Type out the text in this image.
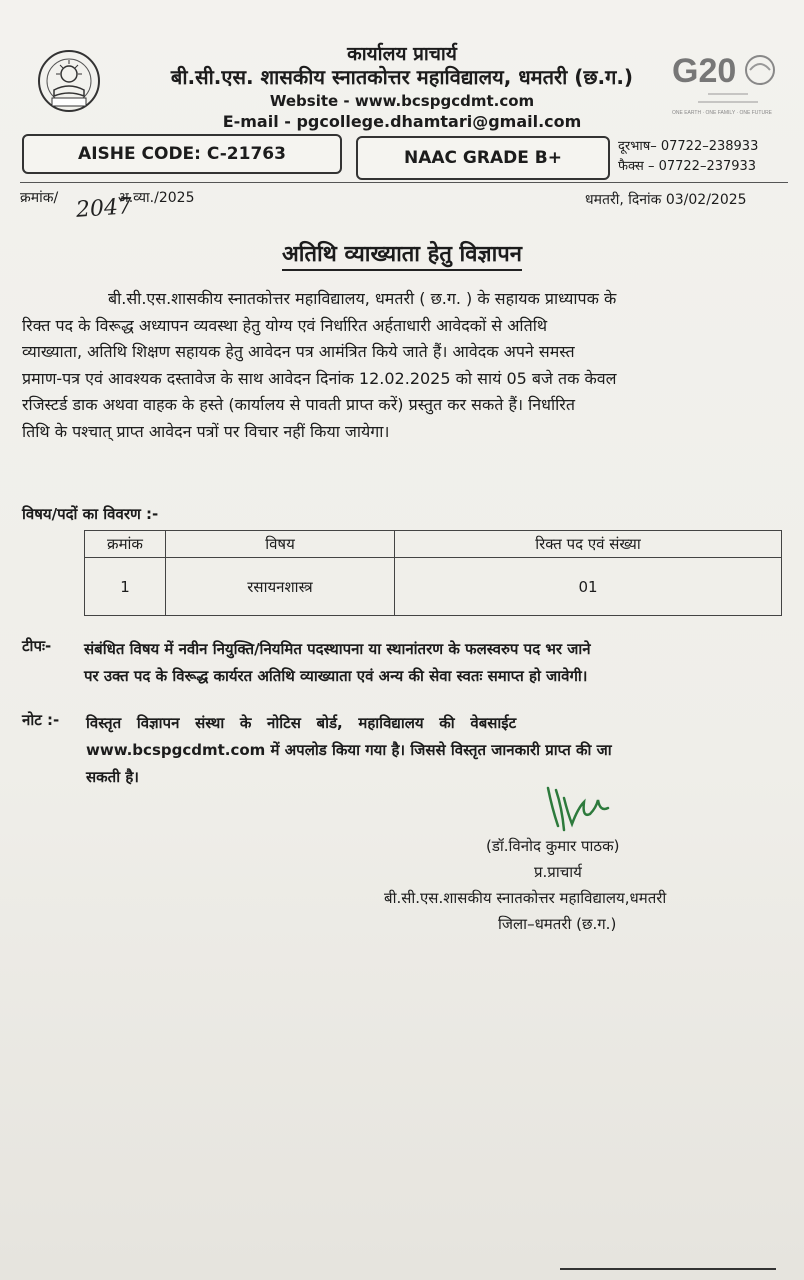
G20
ONE EARTH · ONE FAMILY · ONE FUTURE
कार्यालय प्राचार्य
बी.सी.एस. शासकीय स्नातकोत्तर महाविद्यालय, धमतरी (छ.ग.)
Website - www.bcspgcdmt.com
E-mail - pgcollege.dhamtari@gmail.com
AISHE CODE: C-21763	NAAC GRADE B+
दूरभाष– 07722–238933
फैक्स – 07722–237933
क्रमांक/ 2047
अ.व्या./2025	धमतरी, दिनांक 03/02/2025
अतिथि व्याख्याता हेतु विज्ञापन
बी.सी.एस.शासकीय स्नातकोत्तर महाविद्यालय, धमतरी ( छ.ग. ) के सहायक प्राध्यापक के
रिक्त पद के विरूद्ध अध्यापन व्यवस्था हेतु योग्य एवं निर्धारित अर्हताधारी आवेदकों से अतिथि
व्याख्याता, अतिथि शिक्षण सहायक हेतु आवेदन पत्र आमंत्रित किये जाते हैं। आवेदक अपने समस्त
प्रमाण-पत्र एवं आवश्यक दस्तावेज के साथ आवेदन दिनांक 12.02.2025 को सायं 05 बजे तक केवल
रजिस्टर्ड डाक अथवा वाहक के हस्ते (कार्यालय से पावती प्राप्त करें) प्रस्तुत कर सकते हैं। निर्धारित
तिथि के पश्चात् प्राप्त आवेदन पत्रों पर विचार नहीं किया जायेगा।
विषय/पदों का विवरण :-
क्रमांक	विषय	रिक्त पद एवं संख्या
1	रसायनशास्त्र	01
टीपः- संबंधित विषय में नवीन नियुक्ति/नियमित पदस्थापना या स्थानांतरण के फलस्वरुप पद भर जाने
पर उक्त पद के विरूद्ध कार्यरत अतिथि व्याख्याता एवं अन्य की सेवा स्वतः समाप्त हो जावेगी।
नोट :- विस्तृत   विज्ञापन   संस्था   के   नोटिस   बोर्ड,   महाविद्यालय   की   वेबसाईट
www.bcspgcdmt.com में अपलोड किया गया है। जिससे विस्तृत जानकारी प्राप्त की जा
सकती है।
(डॉ.विनोद कुमार पाठक)
प्र.प्राचार्य
बी.सी.एस.शासकीय स्नातकोत्तर महाविद्यालय,धमतरी
जिला–धमतरी (छ.ग.)
